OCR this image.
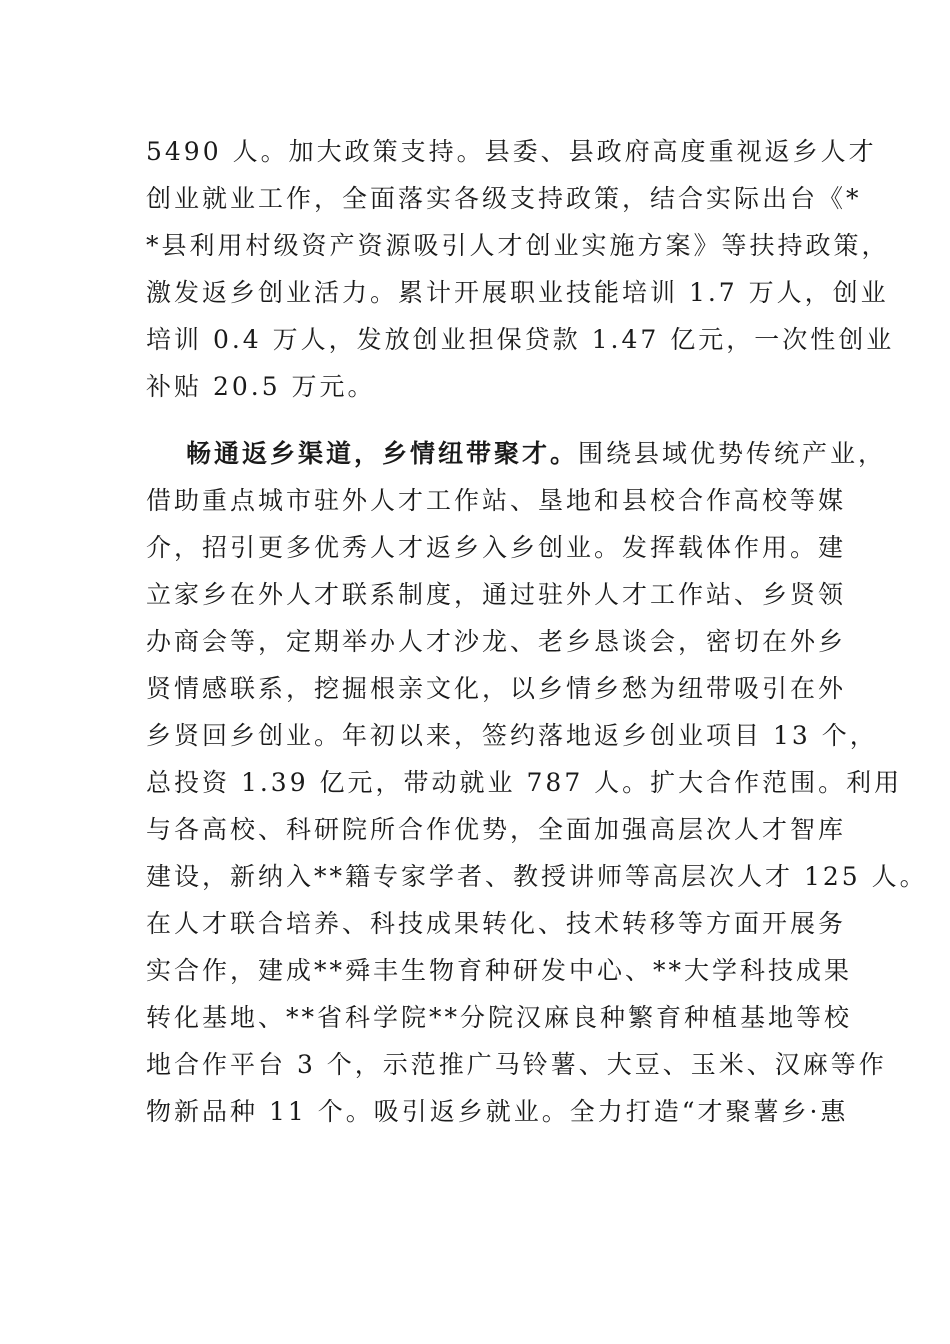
5490 人。加大政策支持。县委、县政府高度重视返乡人才
创业就业工作，全面落实各级支持政策，结合实际出台《*
*县利用村级资产资源吸引人才创业实施方案》等扶持政策，
激发返乡创业活力。累计开展职业技能培训 1.7 万人，创业
培训 0.4 万人，发放创业担保贷款 1.47 亿元，一次性创业
补贴 20.5 万元。
畅通返乡渠道，乡情纽带聚才。围绕县域优势传统产业，
借助重点城市驻外人才工作站、垦地和县校合作高校等媒
介，招引更多优秀人才返乡入乡创业。发挥载体作用。建
立家乡在外人才联系制度，通过驻外人才工作站、乡贤领
办商会等，定期举办人才沙龙、老乡恳谈会，密切在外乡
贤情感联系，挖掘根亲文化，以乡情乡愁为纽带吸引在外
乡贤回乡创业。年初以来，签约落地返乡创业项目 13 个，
总投资 1.39 亿元，带动就业 787 人。扩大合作范围。利用
与各高校、科研院所合作优势，全面加强高层次人才智库
建设，新纳入**籍专家学者、教授讲师等高层次人才 125 人。
在人才联合培养、科技成果转化、技术转移等方面开展务
实合作，建成**舜丰生物育种研发中心、**大学科技成果
转化基地、**省科学院**分院汉麻良种繁育种植基地等校
地合作平台 3 个，示范推广马铃薯、大豆、玉米、汉麻等作
物新品种 11 个。吸引返乡就业。全力打造“才聚薯乡·惠
